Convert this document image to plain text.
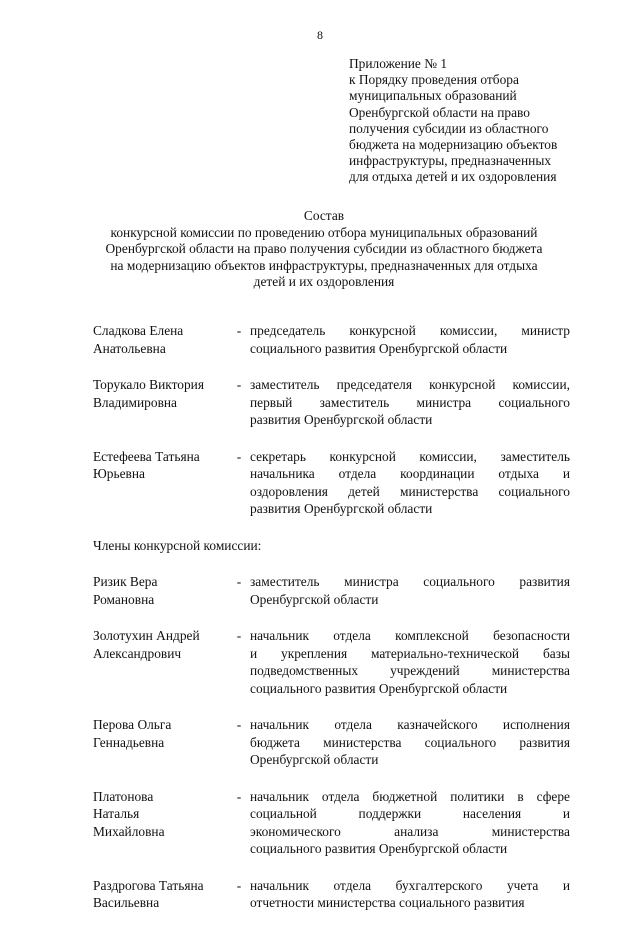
8
Приложение № 1
к Порядку проведения отбора
муниципальных образований
Оренбургской области на право
получения субсидии из областного
бюджета на модернизацию объектов
инфраструктуры, предназначенных
для отдыха детей и их оздоровления
Состав
конкурсной комиссии по проведению отбора муниципальных образований
Оренбургской области на право получения субсидии из областного бюджета
на модернизацию объектов инфраструктуры, предназначенных для отдыха
детей и их оздоровления
Сладкова Елена
Анатольевна
- председатель конкурсной комиссии, министр
социального развития Оренбургской области
Торукало Виктория
Владимировна
- заместитель председателя конкурсной комиссии,
первый заместитель министра социального
развития Оренбургской области
Естефеева Татьяна
Юрьевна
- секретарь конкурсной комиссии, заместитель
начальника отдела координации отдыха и
оздоровления детей министерства социального
развития Оренбургской области
Члены конкурсной комиссии:
Ризик Вера
Романовна
- заместитель министра социального развития
Оренбургской области
Золотухин Андрей
Александрович
- начальник отдела комплексной безопасности
и укрепления материально-технической базы
подведомственных учреждений министерства
социального развития Оренбургской области
Перова Ольга
Геннадьевна
- начальник отдела казначейского исполнения
бюджета министерства социального развития
Оренбургской области
Платонова
Наталья
Михайловна
- начальник отдела бюджетной политики в сфере
социальной поддержки населения и
экономического анализа министерства
социального развития Оренбургской области
Раздрогова Татьяна
Васильевна
- начальник отдела бухгалтерского учета и
отчетности министерства социального развития
